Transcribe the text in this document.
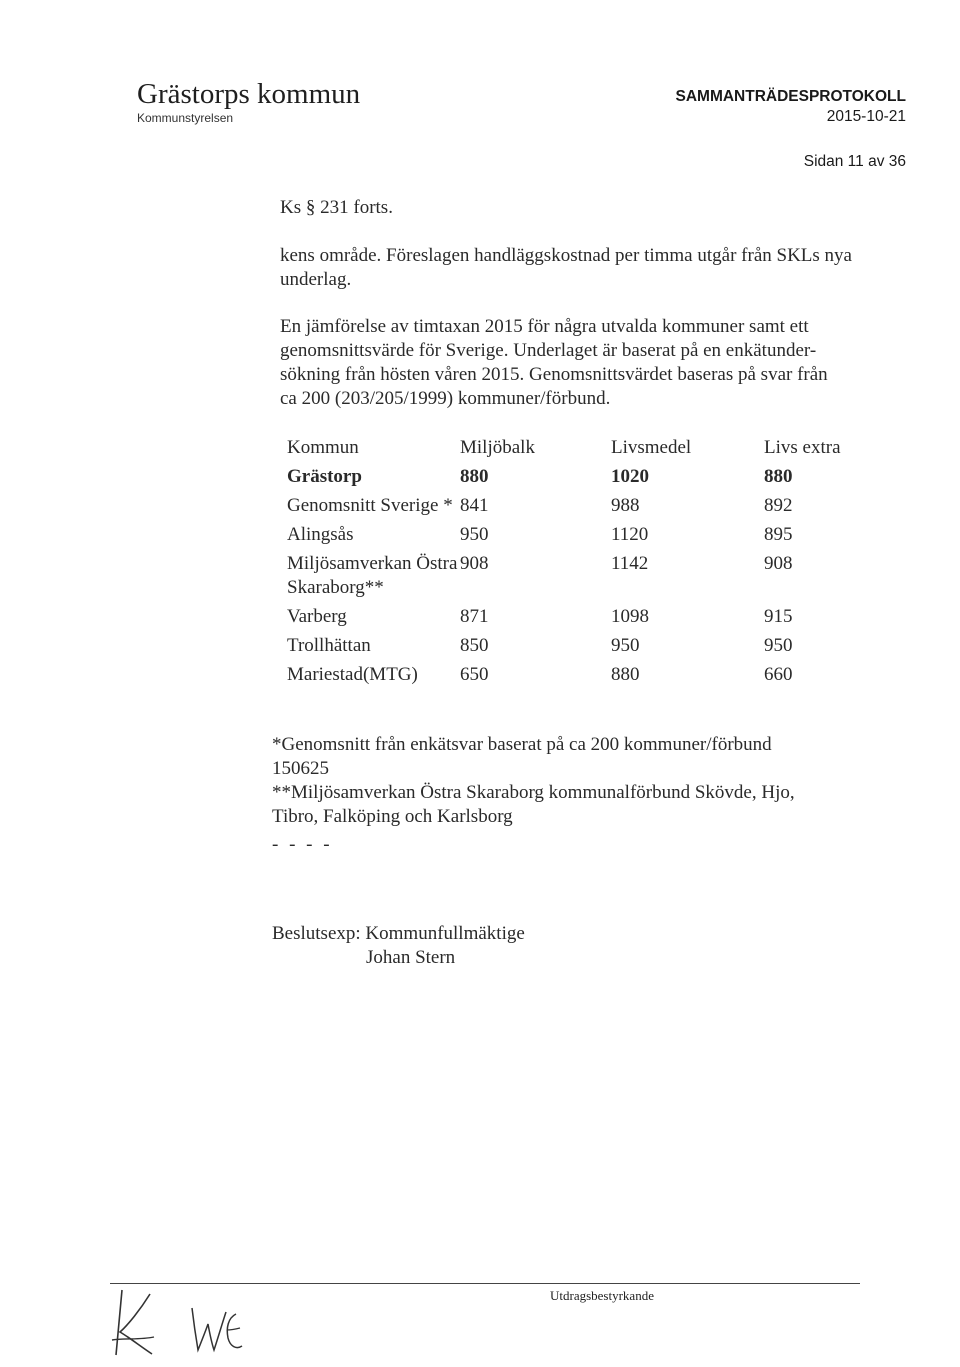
Grästorps kommun
Kommunstyrelsen
SAMMANTRÄDESPROTOKOLL
2015-10-21
Sidan 11 av 36
Ks § 231 forts.
kens område. Föreslagen handläggskostnad per timma utgår från SKLs nya underlag.
En jämförelse av timtaxan 2015 för några utvalda kommuner samt ett
genomsnittsvärde för Sverige. Underlaget är baserat på en enkätunder-
sökning från hösten våren 2015. Genomsnittsvärdet baseras på svar från
ca 200 (203/205/1999) kommuner/förbund.
Kommun	Miljöbalk	Livsmedel	Livs extra
Grästorp	880	1020	880
Genomsnitt Sverige *	841	988	892
Alingsås	950	1120	895
Miljösamverkan Östra Skaraborg**	908	1142	908
Varberg	871	1098	915
Trollhättan	850	950	950
Mariestad(MTG)	650	880	660
*Genomsnitt från enkätsvar baserat på ca 200 kommuner/förbund
150625
**Miljösamverkan Östra Skaraborg kommunalförbund Skövde, Hjo,
Tibro, Falköping och Karlsborg
- - - -
Beslutsexp: Kommunfullmäktige
Johan Stern
Utdragsbestyrkande
